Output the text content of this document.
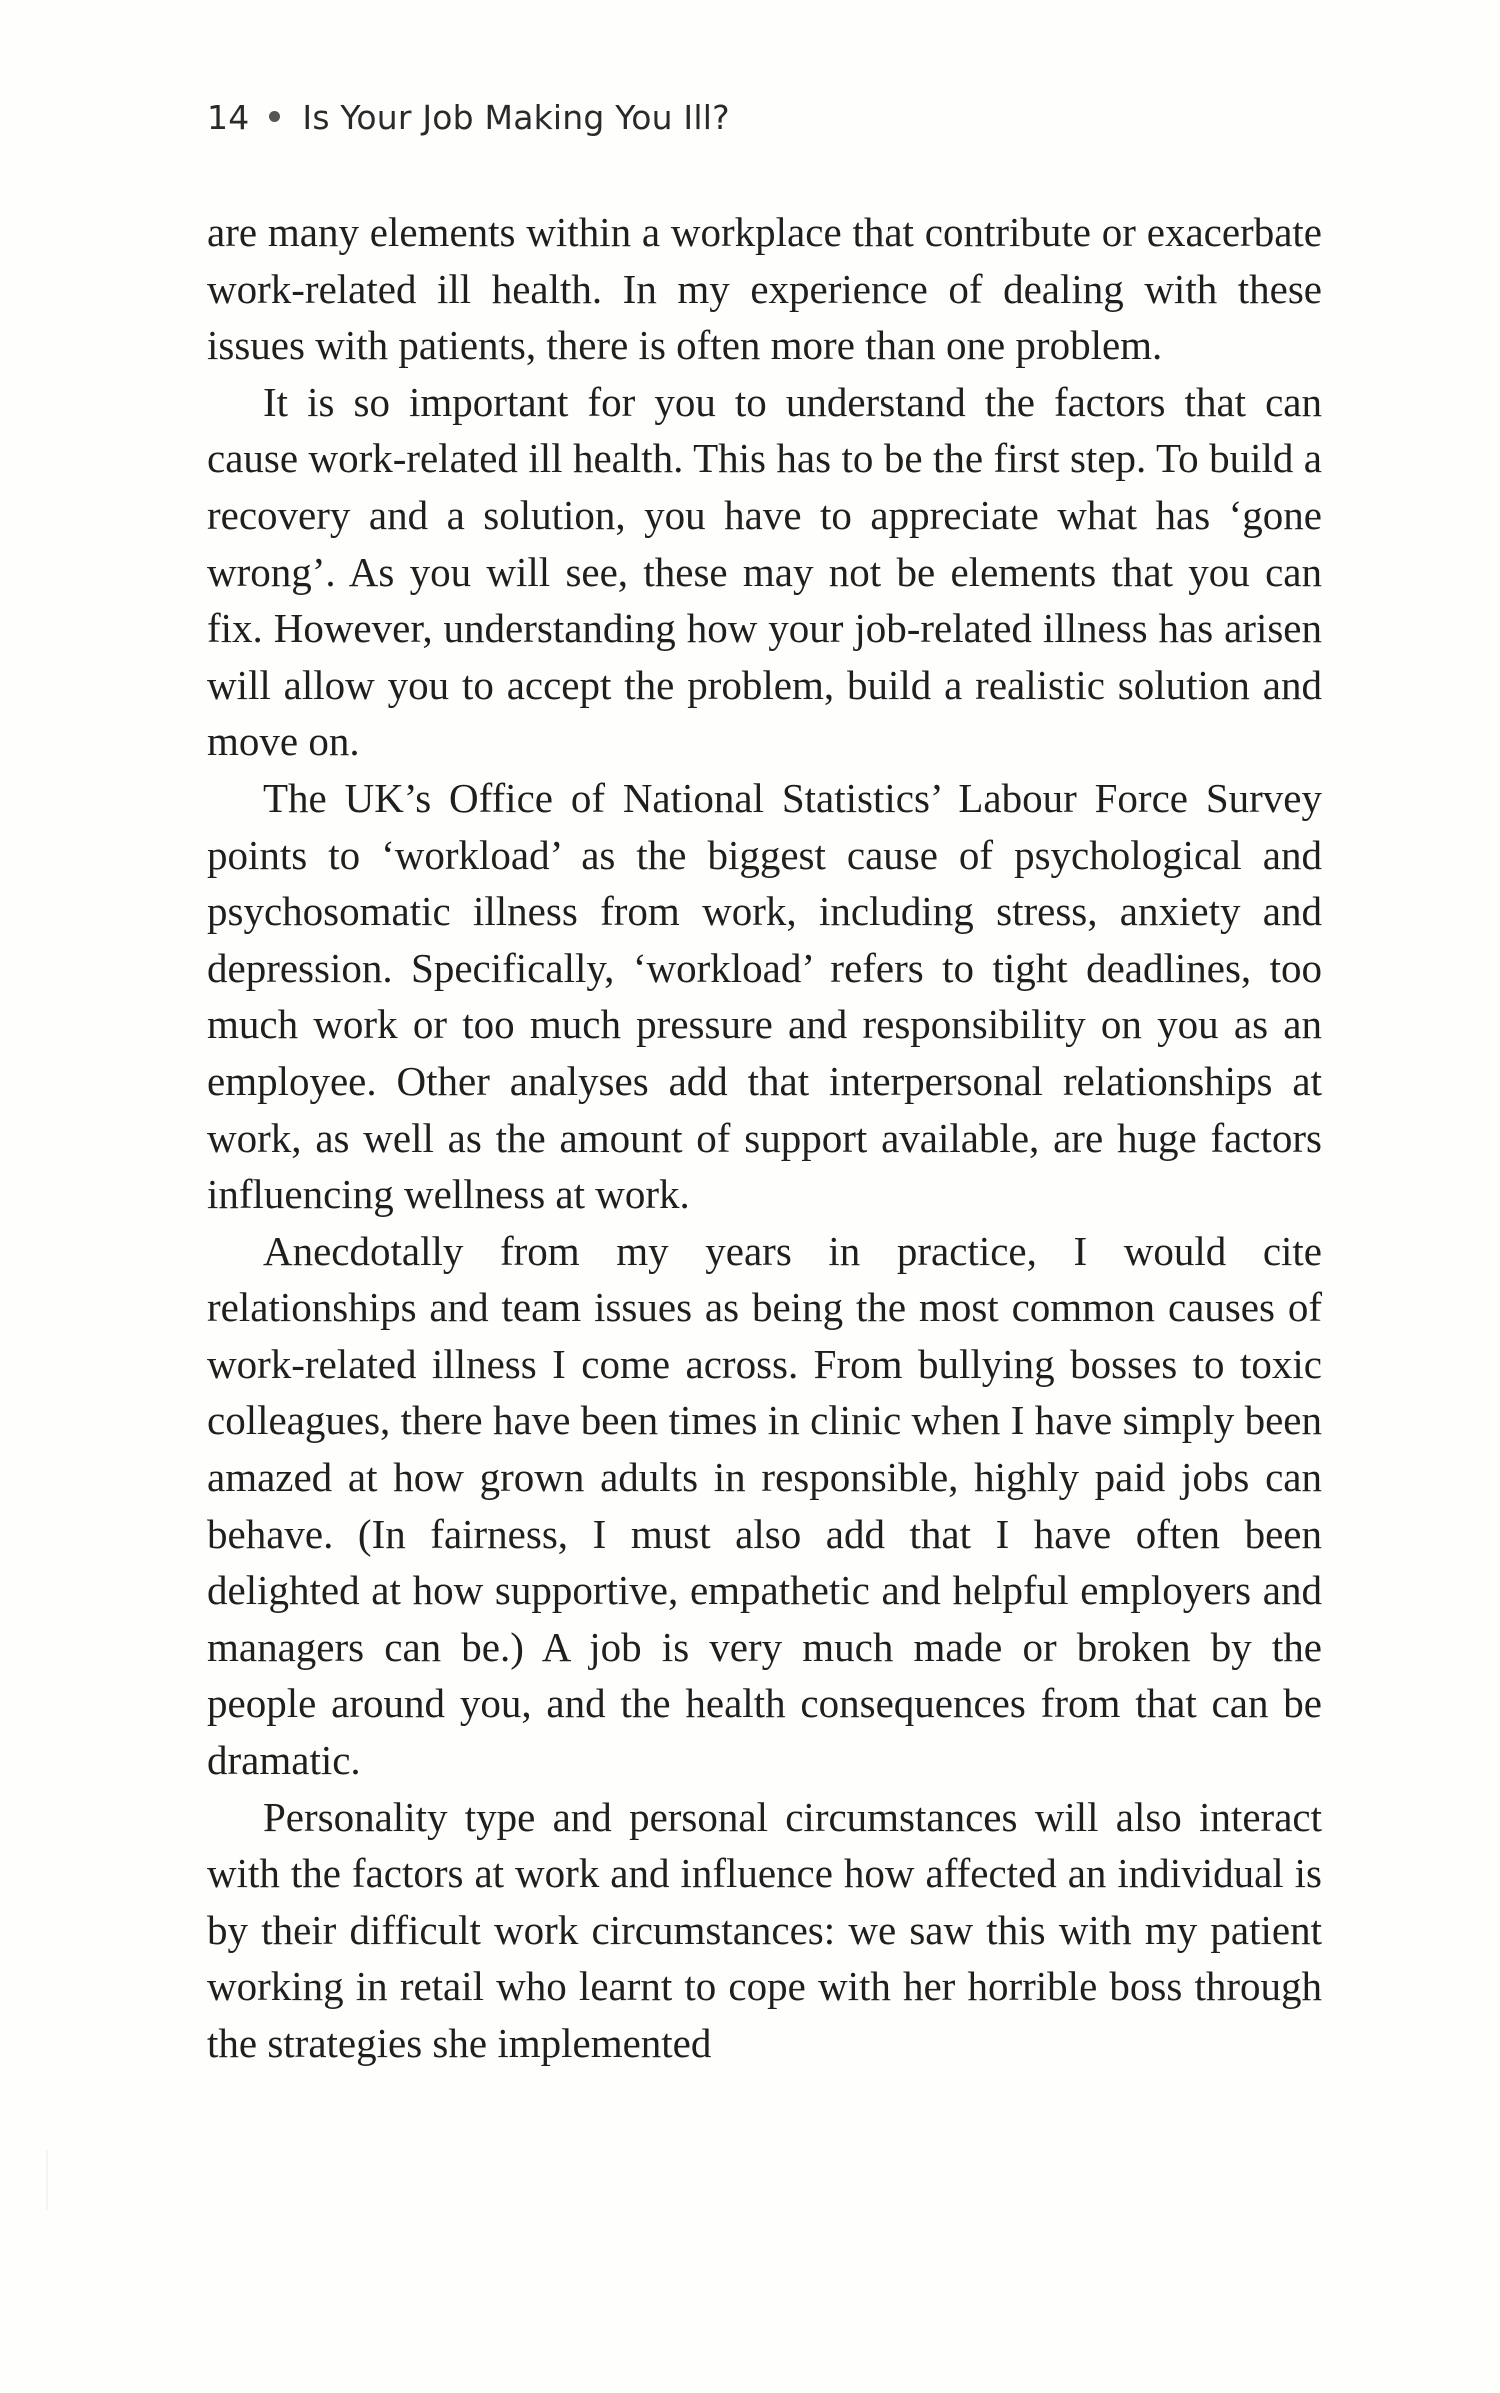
14 Is Your Job Making You Ill?

are many elements within a workplace that contribute or exacerbate work-related ill health. In my experience of dealing with these issues with patients, there is often more than one problem.

It is so important for you to understand the factors that can cause work-related ill health. This has to be the first step. To build a recovery and a solution, you have to appreciate what has ‘gone wrong’. As you will see, these may not be elements that you can fix. However, understanding how your job-related illness has arisen will allow you to accept the problem, build a realistic solution and move on.

The UK’s Office of National Statistics’ Labour Force Survey points to ‘workload’ as the biggest cause of psychological and psychosomatic illness from work, including stress, anxiety and depression. Specifically, ‘workload’ refers to tight deadlines, too much work or too much pressure and responsibility on you as an employee. Other analyses add that interpersonal relationships at work, as well as the amount of support available, are huge factors influencing wellness at work.

Anecdotally from my years in practice, I would cite relationships and team issues as being the most common causes of work-related illness I come across. From bullying bosses to toxic colleagues, there have been times in clinic when I have simply been amazed at how grown adults in responsible, highly paid jobs can behave. (In fairness, I must also add that I have often been delighted at how supportive, empathetic and helpful employers and managers can be.) A job is very much made or broken by the people around you, and the health consequences from that can be dramatic.

Personality type and personal circumstances will also interact with the factors at work and influence how affected an individual is by their difficult work circumstances: we saw this with my patient working in retail who learnt to cope with her horrible boss through the strategies she implemented
